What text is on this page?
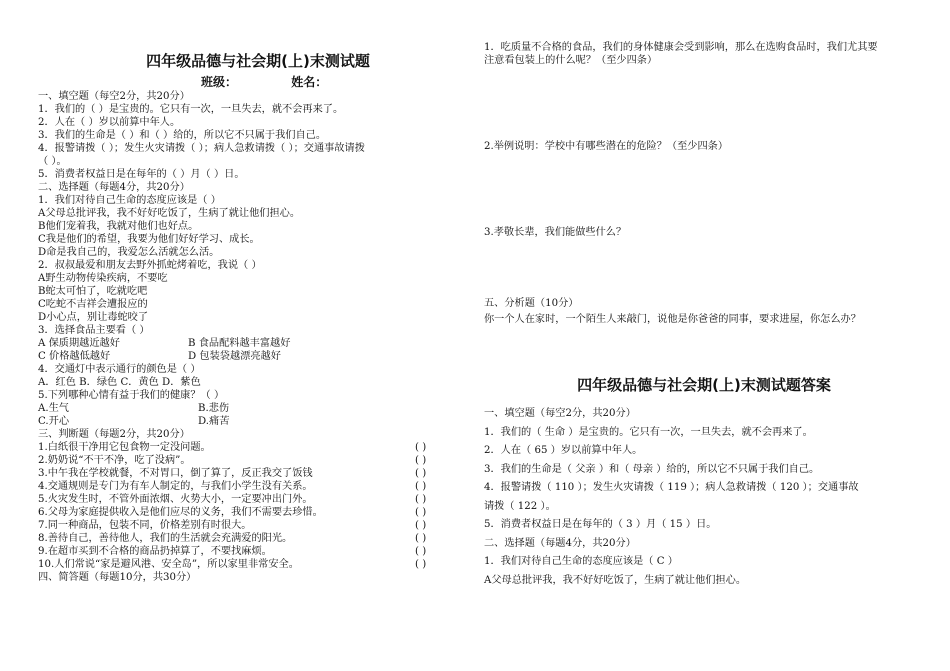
四年级品德与社会期(上)末测试题
班级：	姓名：
一、填空题（每空2分，共20分）
1．我们的（ ）是宝贵的。它只有一次，一旦失去，就不会再来了。
2．人在（ ）岁以前算中年人。
3．我们的生命是（ ）和（ ）给的，所以它不只属于我们自己。
4．报警请拨（ ）；发生火灾请拨（ ）；病人急救请拨（ ）；交通事故请拨
（ ）。
5．消费者权益日是在每年的（ ）月（ ）日。
二、选择题（每题4分，共20分）
1．我们对待自己生命的态度应该是（ ）
A父母总批评我，我不好好吃饭了，生病了就让他们担心。
B他们宠着我，我就对他们也好点。
C我是他们的希望，我要为他们好好学习、成长。
D命是我自己的，我爱怎么活就怎么活。
2．叔叔最爱和朋友去野外抓蛇烤着吃，我说（ ）
A野生动物传染疾病，不要吃
B蛇太可怕了，吃就吃吧
C吃蛇不吉祥会遭报应的
D小心点，别让毒蛇咬了
3．选择食品主要看（ ）
A 保质期越近越好	B 食品配料越丰富越好
C 价格越低越好	D 包装袋越漂亮越好
4．交通灯中表示通行的颜色是（ ）
A．红色 B．绿色 C．黄色 D．紫色
5.下列哪种心情有益于我们的健康？（ ）
A.生气	B.悲伤
C.开心	D.痛苦
三、判断题（每题2分，共20分）
1.白纸很干净用它包食物一定没问题。	( )
2.奶奶说“不干不净，吃了没病”。	( )
3.中午我在学校就餐，不对胃口，倒了算了，反正我交了饭钱	( )
4.交通规则是专门为有车人制定的，与我们小学生没有关系。	( )
5.火灾发生时，不管外面浓烟、火势大小，一定要冲出门外。	( )
6.父母为家庭提供收入是他们应尽的义务，我们不需要去珍惜。	( )
7.同一种商品，包装不同，价格差别有时很大。	( )
8.善待自己，善待他人，我们的生活就会充满爱的阳光。	( )
9.在超市买到不合格的商品扔掉算了，不要找麻烦。	( )
10.人们常说“家是避风港、安全岛”，所以家里非常安全。	( )
四、简答题（每题10分，共30分）
1．吃质量不合格的食品，我们的身体健康会受到影响，那么在选购食品时，我们尤其要
注意看包装上的什么呢？（至少四条）
2.举例说明：学校中有哪些潜在的危险？（至少四条）
3.孝敬长辈，我们能做些什么？
五、分析题（10分）
你一个人在家时，一个陌生人来敲门，说他是你爸爸的同事，要求进屋，你怎么办？
四年级品德与社会期(上)末测试题答案
一、填空题（每空2分，共20分）
1．我们的（ 生命 ）是宝贵的。它只有一次，一旦失去，就不会再来了。
2．人在（ 65 ）岁以前算中年人。
3．我们的生命是（ 父亲 ）和（ 母亲 ）给的，所以它不只属于我们自己。
4．报警请拨（ 110 ）；发生火灾请拨（ 119 ）；病人急救请拨（ 120 ）；交通事故
请拨（ 122 ）。
5．消费者权益日是在每年的（ 3 ）月（ 15 ）日。
二、选择题（每题4分，共20分）
1．我们对待自己生命的态度应该是（ C ）
A父母总批评我，我不好好吃饭了，生病了就让他们担心。
